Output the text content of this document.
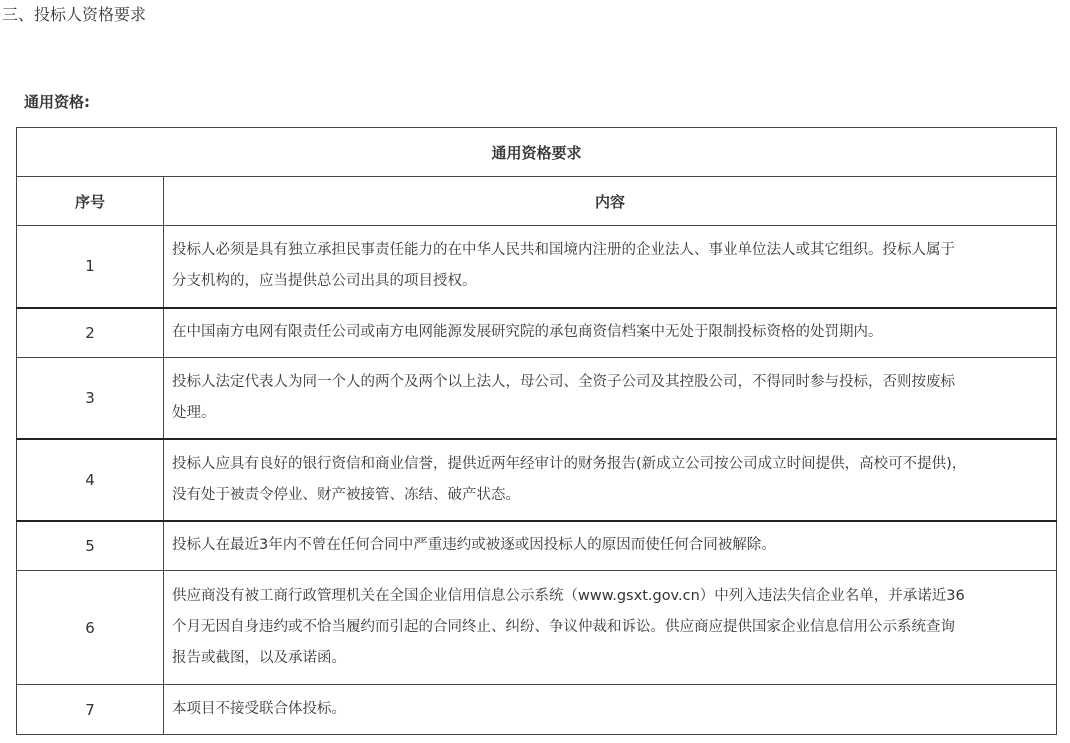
三、投标人资格要求
通用资格:
通用资格要求	
序号	内容
1	投标人必须是具有独立承担民事责任能力的在中华人民共和国境内注册的企业法人、事业单位法人或其它组织。投标人属于
分支机构的，应当提供总公司出具的项目授权。

2	在中国南方电网有限责任公司或南方电网能源发展研究院的承包商资信档案中无处于限制投标资格的处罚期内。

3	投标人法定代表人为同一个人的两个及两个以上法人，母公司、全资子公司及其控股公司，不得同时参与投标，否则按废标
处理。

4	投标人应具有良好的银行资信和商业信誉，提供近两年经审计的财务报告(新成立公司按公司成立时间提供，高校可不提供)，
没有处于被责令停业、财产被接管、冻结、破产状态。

5	投标人在最近3年内不曾在任何合同中严重违约或被逐或因投标人的原因而使任何合同被解除。

6	供应商没有被工商行政管理机关在全国企业信用信息公示系统（www.gsxt.gov.cn）中列入违法失信企业名单，并承诺近36
个月无因自身违约或不恰当履约而引起的合同终止、纠纷、争议仲裁和诉讼。供应商应提供国家企业信息信用公示系统查询
报告或截图，以及承诺函。

7	本项目不接受联合体投标。
